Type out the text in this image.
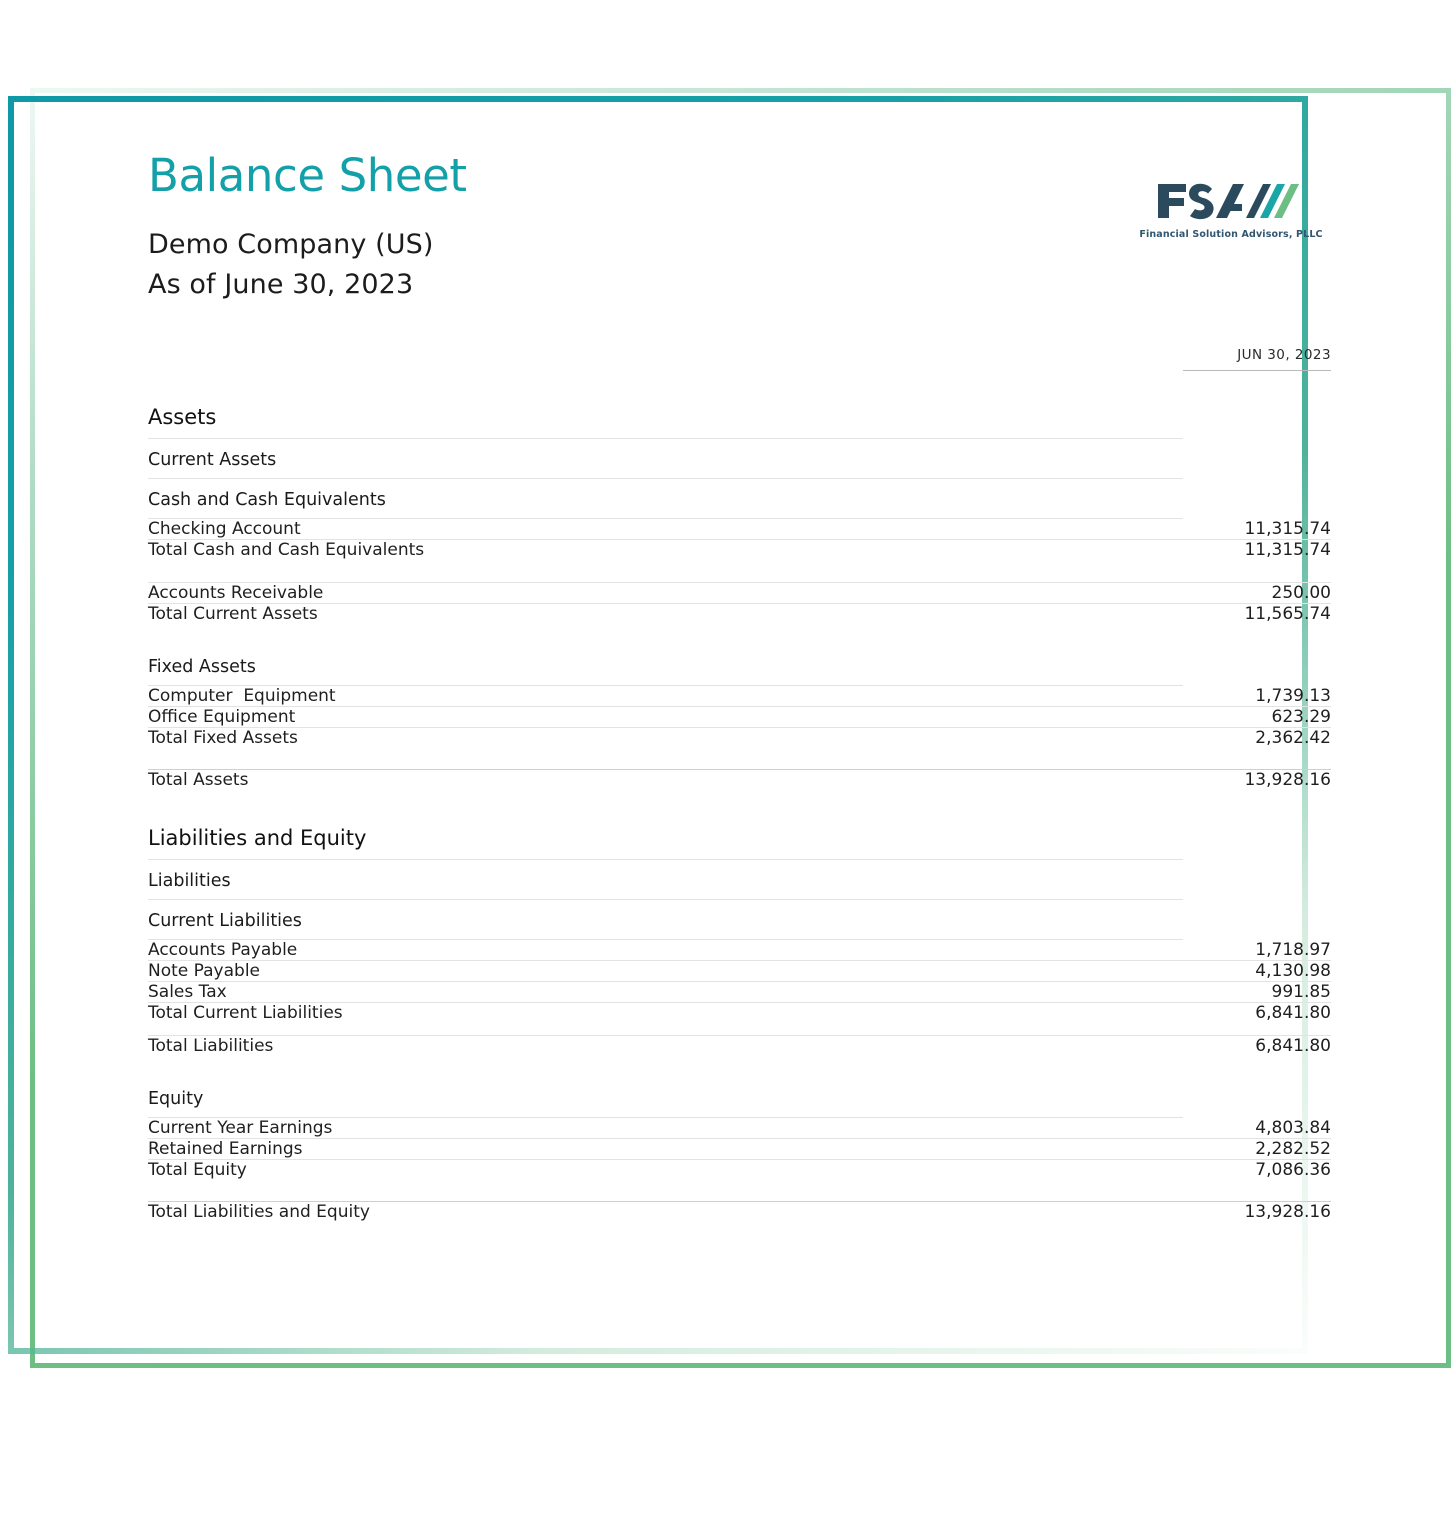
Balance Sheet
Demo Company (US)
As of June 30, 2023
Financial Solution Advisors, PLLC
JUN 30, 2023
Assets	
Current Assets	
Cash and Cash Equivalents	
Checking Account	11,315.74
Total Cash and Cash Equivalents	11,315.74

Accounts Receivable	250.00
Total Current Assets	11,565.74

Fixed Assets	
Computer  Equipment	1,739.13
Office Equipment	623.29
Total Fixed Assets	2,362.42

Total Assets	13,928.16

Liabilities and Equity	
Liabilities	
Current Liabilities	
Accounts Payable	1,718.97
Note Payable	4,130.98
Sales Tax	991.85
Total Current Liabilities	6,841.80

Total Liabilities	6,841.80

Equity	
Current Year Earnings	4,803.84
Retained Earnings	2,282.52
Total Equity	7,086.36

Total Liabilities and Equity	13,928.16
